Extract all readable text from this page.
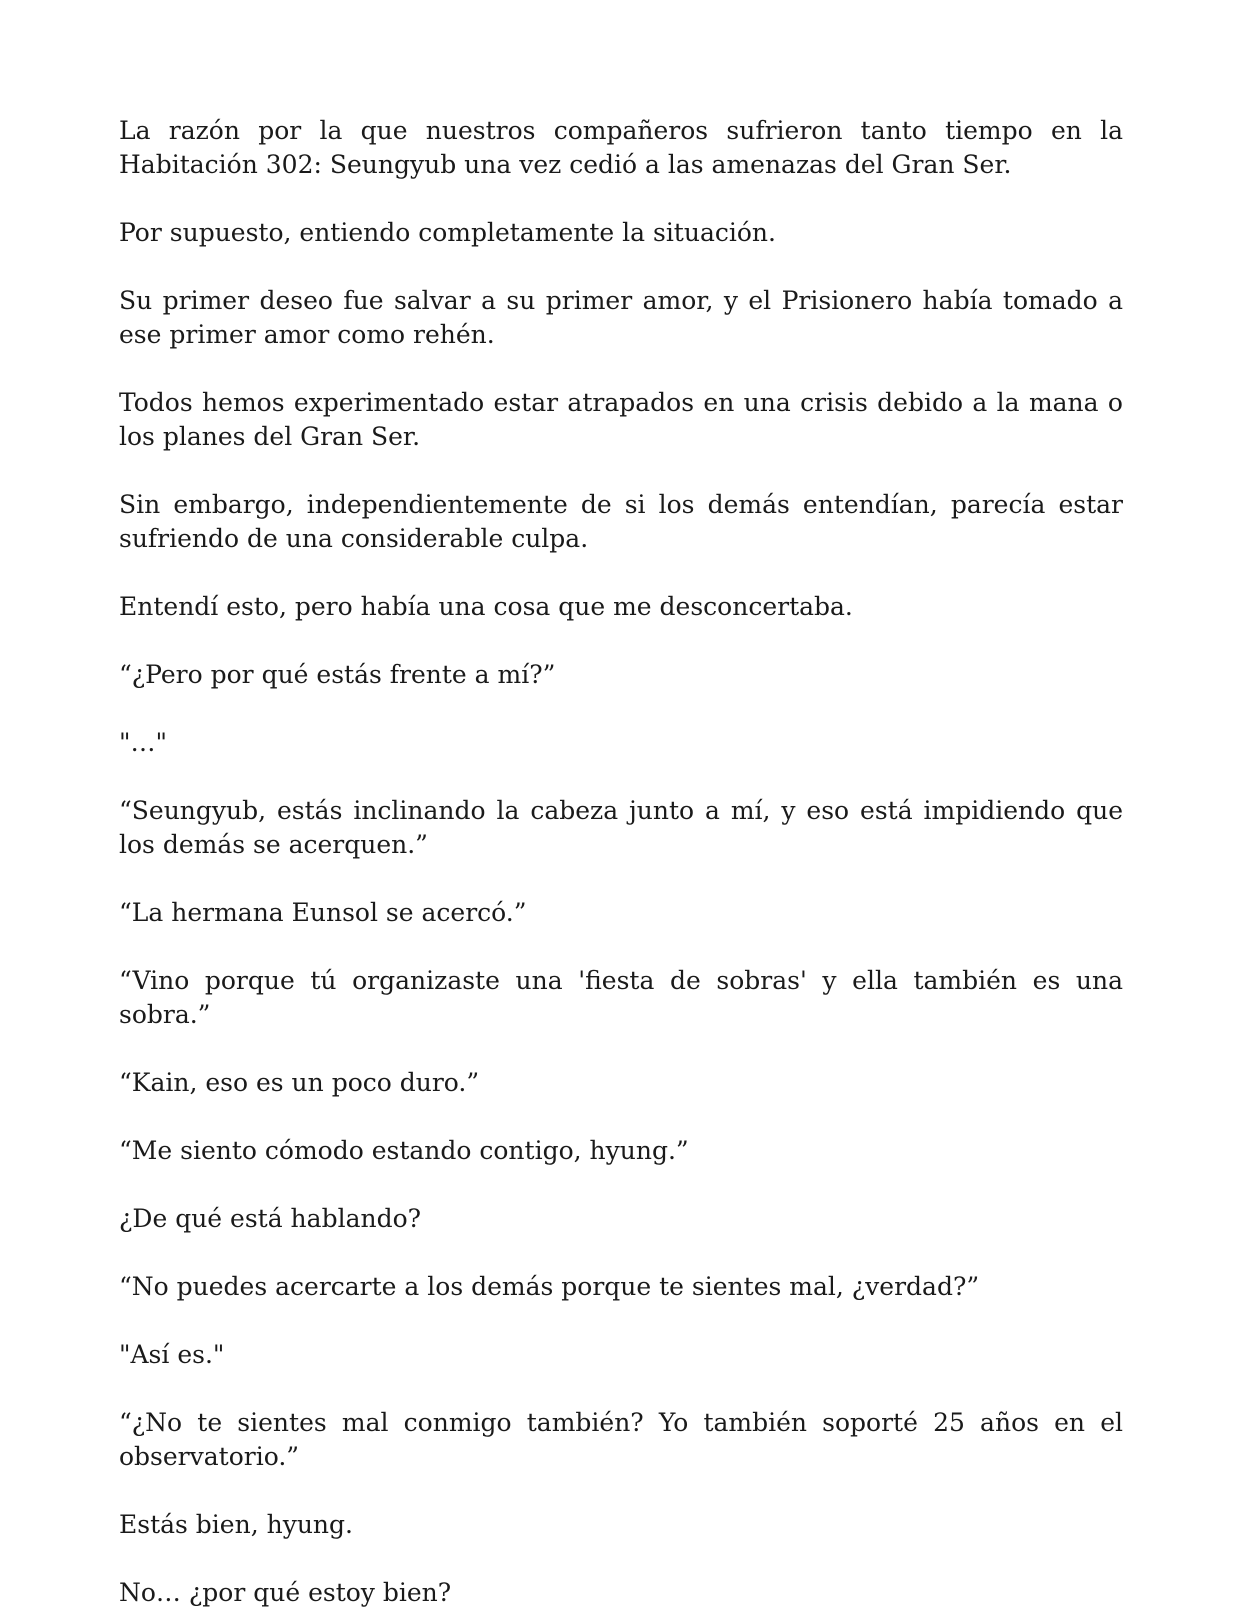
La razón por la que nuestros compañeros sufrieron tanto tiempo en la Habitación 302: Seungyub una vez cedió a las amenazas del Gran Ser.

Por supuesto, entiendo completamente la situación.

Su primer deseo fue salvar a su primer amor, y el Prisionero había tomado a ese primer amor como rehén.

Todos hemos experimentado estar atrapados en una crisis debido a la mana o los planes del Gran Ser.

Sin embargo, independientemente de si los demás entendían, parecía estar sufriendo de una considerable culpa.

Entendí esto, pero había una cosa que me desconcertaba.

“¿Pero por qué estás frente a mí?”

"…"

“Seungyub, estás inclinando la cabeza junto a mí, y eso está impidiendo que los demás se acerquen.”

“La hermana Eunsol se acercó.”

“Vino porque tú organizaste una 'fiesta de sobras' y ella también es una sobra.”

“Kain, eso es un poco duro.”

“Me siento cómodo estando contigo, hyung.”

¿De qué está hablando?

“No puedes acercarte a los demás porque te sientes mal, ¿verdad?”

"Así es."

“¿No te sientes mal conmigo también? Yo también soporté 25 años en el observatorio.”

Estás bien, hyung.

No… ¿por qué estoy bien?
